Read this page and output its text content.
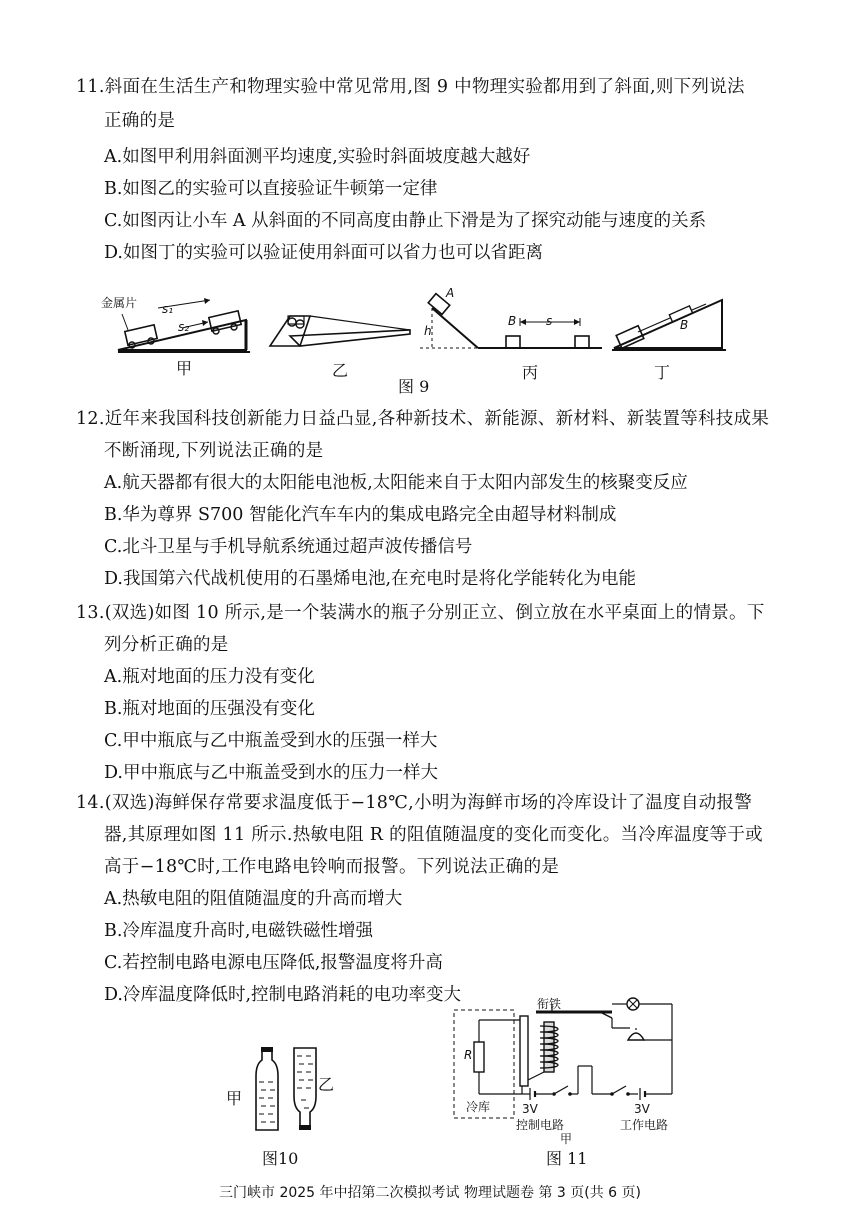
11.斜面在生活生产和物理实验中常见常用,图 9 中物理实验都用到了斜面,则下列说法
正确的是
A.如图甲利用斜面测平均速度,实验时斜面坡度越大越好
B.如图乙的实验可以直接验证牛顿第一定律
C.如图丙让小车 A 从斜面的不同高度由静止下滑是为了探究动能与速度的关系
D.如图丁的实验可以验证使用斜面可以省力也可以省距离
金属片 s₁
s₂
甲	乙
A
h
B s
丙
B
丁
图 9
12.近年来我国科技创新能力日益凸显,各种新技术、新能源、新材料、新装置等科技成果
不断涌现,下列说法正确的是
A.航天器都有很大的太阳能电池板,太阳能来自于太阳内部发生的核聚变反应
B.华为尊界 S700 智能化汽车车内的集成电路完全由超导材料制成
C.北斗卫星与手机导航系统通过超声波传播信号
D.我国第六代战机使用的石墨烯电池,在充电时是将化学能转化为电能
13.(双选)如图 10 所示,是一个装满水的瓶子分别正立、倒立放在水平桌面上的情景。下
列分析正确的是
A.瓶对地面的压力没有变化
B.瓶对地面的压强没有变化
C.甲中瓶底与乙中瓶盖受到水的压强一样大
D.甲中瓶底与乙中瓶盖受到水的压力一样大
14.(双选)海鲜保存常要求温度低于−18℃,小明为海鲜市场的冷库设计了温度自动报警
器,其原理如图 11 所示.热敏电阻 R 的阻值随温度的变化而变化。当冷库温度等于或
高于−18℃时,工作电路电铃响而报警。下列说法正确的是
A.热敏电阻的阻值随温度的升高而增大
B.冷库温度升高时,电磁铁磁性增强
C.若控制电路电源电压降低,报警温度将升高
D.冷库温度降低时,控制电路消耗的电功率变大
甲
乙
图10
衔铁
R
冷库	3V
控制电路
甲
3V
工作电路
图 11
三门峡市 2025 年中招第二次模拟考试 物理试题卷 第 3 页(共 6 页)
